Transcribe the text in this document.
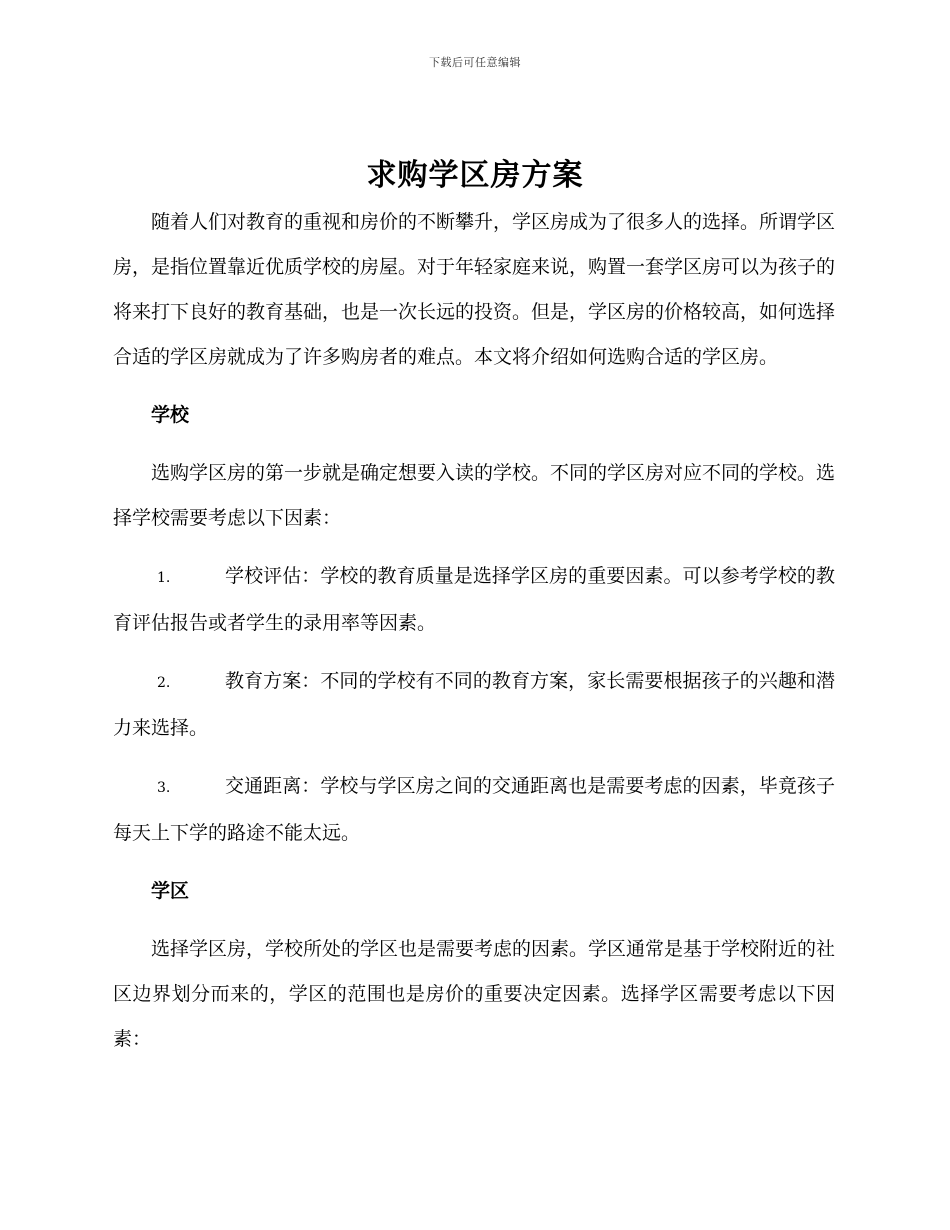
下载后可任意编辑
求购学区房方案

随着人们对教育的重视和房价的不断攀升，学区房成为了很多人的选择。所谓学区房，是指位置靠近优质学校的房屋。对于年轻家庭来说，购置一套学区房可以为孩子的将来打下良好的教育基础，也是一次长远的投资。但是，学区房的价格较高，如何选择合适的学区房就成为了许多购房者的难点。本文将介绍如何选购合适的学区房。

学校

选购学区房的第一步就是确定想要入读的学校。不同的学区房对应不同的学校。选择学校需要考虑以下因素：

1.	学校评估：学校的教育质量是选择学区房的重要因素。可以参考学校的教育评估报告或者学生的录用率等因素。

2.	教育方案：不同的学校有不同的教育方案，家长需要根据孩子的兴趣和潜力来选择。

3.	交通距离：学校与学区房之间的交通距离也是需要考虑的因素，毕竟孩子每天上下学的路途不能太远。

学区

选择学区房，学校所处的学区也是需要考虑的因素。学区通常是基于学校附近的社区边界划分而来的，学区的范围也是房价的重要决定因素。选择学区需要考虑以下因素：
